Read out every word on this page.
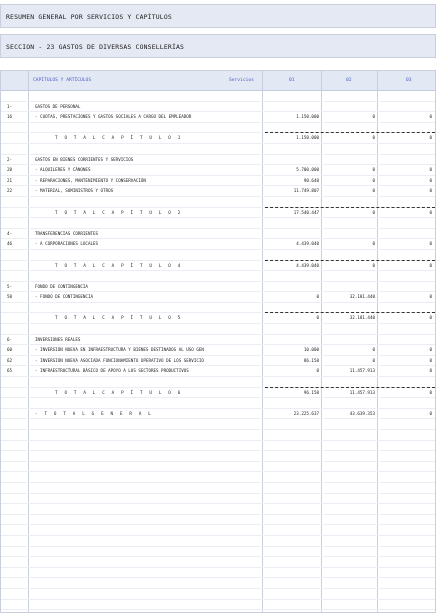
RESUMEN GENERAL POR SERVICIOS Y CAPÍTULOS
SECCION - 23 GASTOS DE DIVERSAS CONSELLERÍAS
CAPÍTULOS Y ARTÍCULOS	Servicios	01	02	03
1-	GASTOS DE PERSONAL
16	- CUOTAS, PRESTACIONES Y GASTOS SOCIALES A CARGO DEL EMPLEADOR	1.150.000	0	0
T O T A L C A P Í T U L O 1	1.150.000	0	0
2-	GASTOS EN BIENES CORRIENTES Y SERVICIOS
20	- ALQUILERES Y CÁNONES	5.700.000	0	0
21	- REPARACIONES, MANTENIMIENTO Y CONSERVACIÓN	90.640	0	0
22	- MATERIAL, SUMINISTROS Y OTROS	11.749.807	0	0
T O T A L C A P Í T U L O 2	17.540.447	0	0
4-	TRANSFERENCIAS CORRIENTES
46	- A CORPORACIONES LOCALES	4.439.040	0	0
T O T A L C A P Í T U L O 4	4.439.040	0	0
5-	FONDO DE CONTINGENCIA
50	- FONDO DE CONTINGENCIA	0	32.181.440	0
T O T A L C A P Í T U L O 5	0	32.181.440	0
6-	INVERSIONES REALES
60	- INVERSIÓN NUEVA EN INFRAESTRUCTURA Y BIENES DESTINADOS AL USO GEN	10.000	0	0
62	- INVERSIÓN NUEVA ASOCIADA FUNCIONAMIENTO OPERATIVO DE LOS SERVICIO	86.150	0	0
65	- INFRAESTRUCTURAL BÁSICO DE APOYO A LOS SECTORES PRODUCTIVOS	0	11.457.913	0
T O T A L C A P Í T U L O 6	96.150	11.457.913	0
- T O T A L G E N E R A L	23.225.637	43.639.353	0
